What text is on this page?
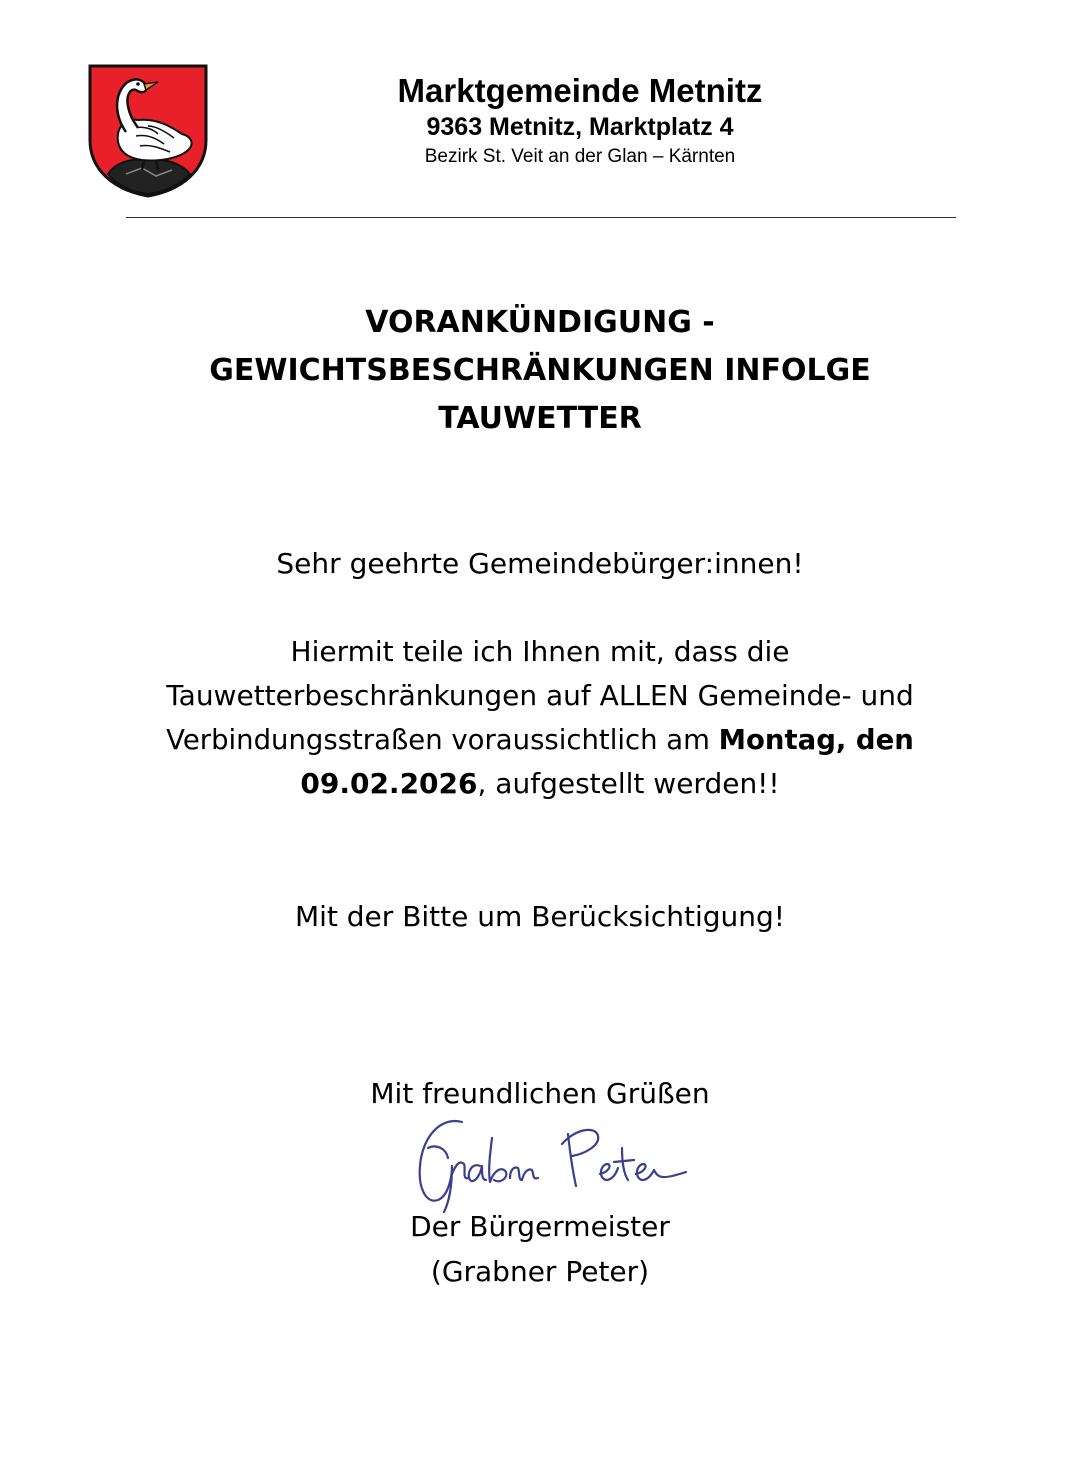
Marktgemeinde Metnitz
9363 Metnitz, Marktplatz 4
Bezirk St. Veit an der Glan – Kärnten
VORANKÜNDIGUNG -
GEWICHTSBESCHRÄNKUNGEN INFOLGE
TAUWETTER
Sehr geehrte Gemeindebürger:innen!
Hiermit teile ich Ihnen mit, dass die
Tauwetterbeschränkungen auf ALLEN Gemeinde- und
Verbindungsstraßen voraussichtlich am Montag, den
09.02.2026, aufgestellt werden!!
Mit der Bitte um Berücksichtigung!
Mit freundlichen Grüßen
Der Bürgermeister
(Grabner Peter)
